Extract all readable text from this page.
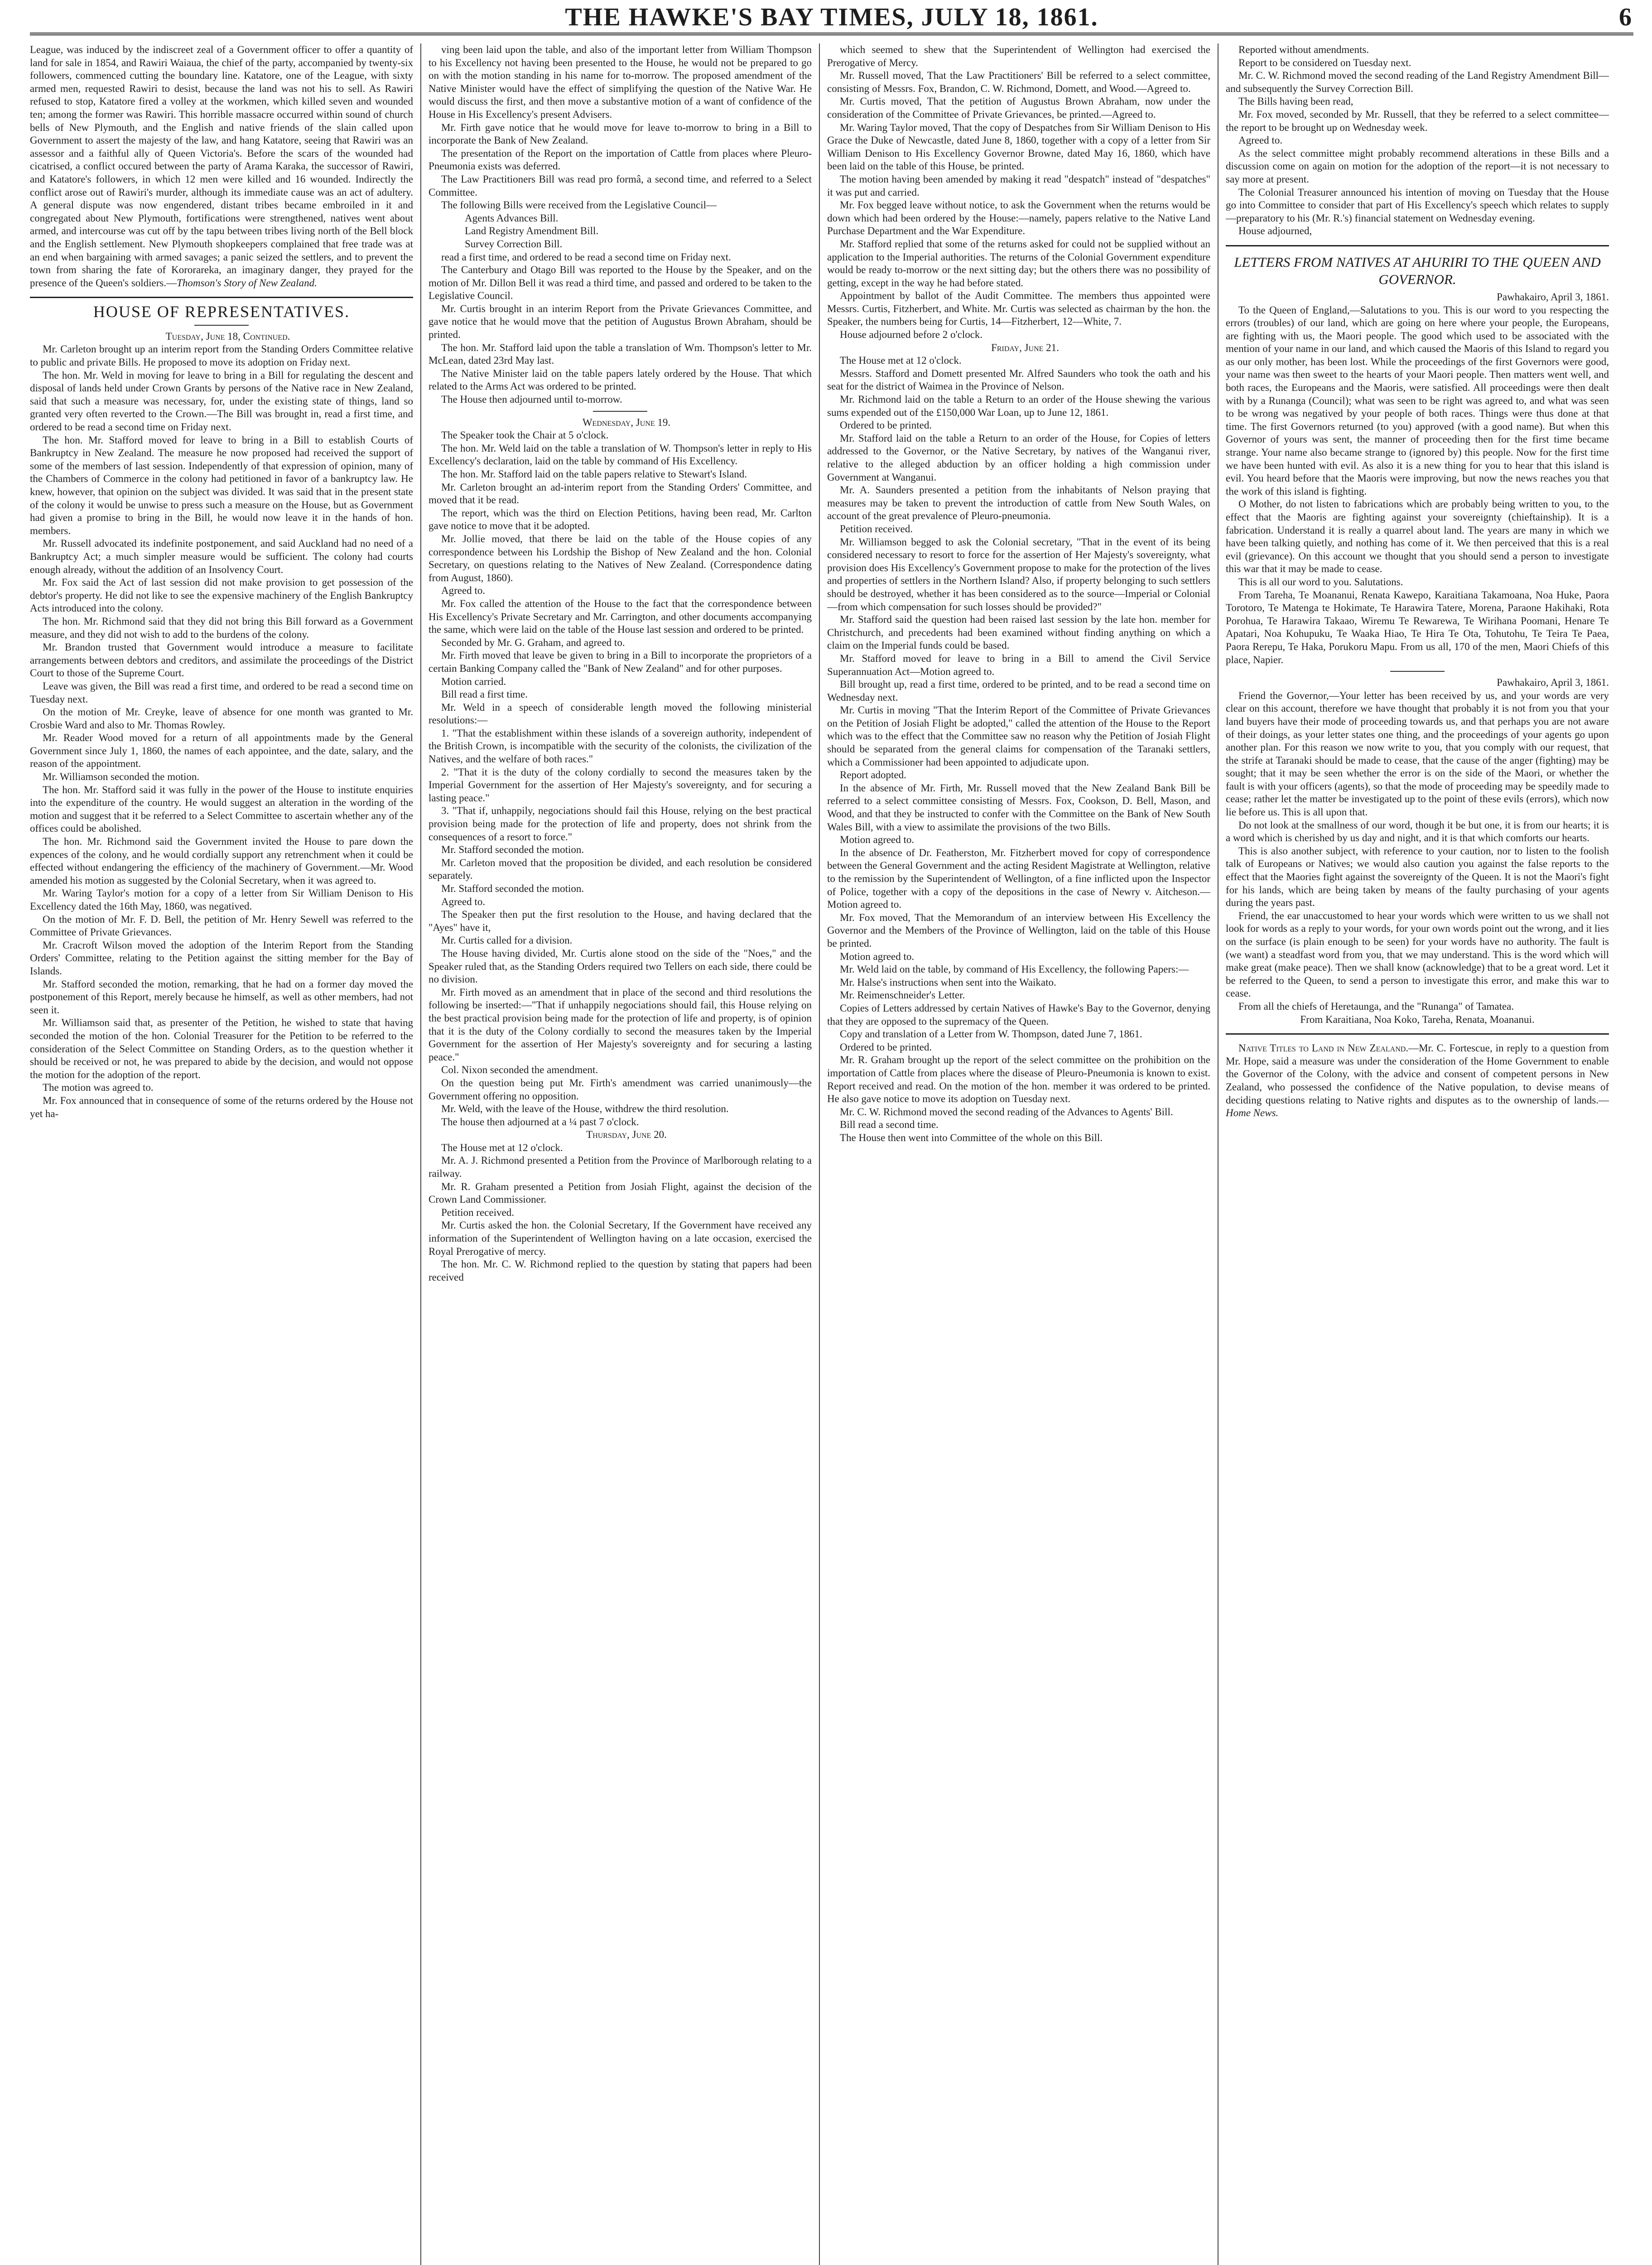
THE HAWKE'S BAY TIMES, JULY 18, 1861.	6

League, was induced by the indiscreet zeal of a Government officer to offer a quantity of land for sale in 1854, and Rawiri Waiaua, the chief of the party, accompanied by twenty-six followers, commenced cutting the boundary line. Katatore, one of the League, with sixty armed men, requested Rawiri to desist, because the land was not his to sell. As Rawiri refused to stop, Katatore fired a volley at the workmen, which killed seven and wounded ten; among the former was Rawiri. This horrible massacre occurred within sound of church bells of New Plymouth, and the English and native friends of the slain called upon Government to assert the majesty of the law, and hang Katatore, seeing that Rawiri was an assessor and a faithful ally of Queen Victoria's. Before the scars of the wounded had cicatrised, a conflict occured between the party of Arama Karaka, the successor of Rawiri, and Katatore's followers, in which 12 men were killed and 16 wounded. Indirectly the conflict arose out of Rawiri's murder, although its immediate cause was an act of adultery. A general dispute was now engendered, distant tribes became embroiled in it and congregated about New Plymouth, fortifications were strengthened, natives went about armed, and intercourse was cut off by the tapu between tribes living north of the Bell block and the English settlement. New Plymouth shopkeepers complained that free trade was at an end when bargaining with armed savages; a panic seized the settlers, and to prevent the town from sharing the fate of Kororareka, an imaginary danger, they prayed for the presence of the Queen's soldiers.—Thomson's Story of New Zealand.

HOUSE OF REPRESENTATIVES.

Tuesday, June 18, Continued.

Mr. Carleton brought up an interim report from the Standing Orders Committee relative to public and private Bills. He proposed to move its adoption on Friday next.

The hon. Mr. Weld in moving for leave to bring in a Bill for regulating the descent and disposal of lands held under Crown Grants by persons of the Native race in New Zealand, said that such a measure was necessary, for, under the existing state of things, land so granted very often reverted to the Crown.—The Bill was brought in, read a first time, and ordered to be read a second time on Friday next.

The hon. Mr. Stafford moved for leave to bring in a Bill to establish Courts of Bankruptcy in New Zealand. The measure he now proposed had received the support of some of the members of last session. Independently of that expression of opinion, many of the Chambers of Commerce in the colony had petitioned in favor of a bankruptcy law. He knew, however, that opinion on the subject was divided. It was said that in the present state of the colony it would be unwise to press such a measure on the House, but as Government had given a promise to bring in the Bill, he would now leave it in the hands of hon. members.

Mr. Russell advocated its indefinite postponement, and said Auckland had no need of a Bankruptcy Act; a much simpler measure would be sufficient. The colony had courts enough already, without the addition of an Insolvency Court.

Mr. Fox said the Act of last session did not make provision to get possession of the debtor's property. He did not like to see the expensive machinery of the English Bankruptcy Acts introduced into the colony.

The hon. Mr. Richmond said that they did not bring this Bill forward as a Government measure, and they did not wish to add to the burdens of the colony.

Mr. Brandon trusted that Government would introduce a measure to facilitate arrangements between debtors and creditors, and assimilate the proceedings of the District Court to those of the Supreme Court.

Leave was given, the Bill was read a first time, and ordered to be read a second time on Tuesday next.

On the motion of Mr. Creyke, leave of absence for one month was granted to Mr. Crosbie Ward and also to Mr. Thomas Rowley.

Mr. Reader Wood moved for a return of all appointments made by the General Government since July 1, 1860, the names of each appointee, and the date, salary, and the reason of the appointment.

Mr. Williamson seconded the motion.

The hon. Mr. Stafford said it was fully in the power of the House to institute enquiries into the expenditure of the country. He would suggest an alteration in the wording of the motion and suggest that it be referred to a Select Committee to ascertain whether any of the offices could be abolished.

The hon. Mr. Richmond said the Government invited the House to pare down the expences of the colony, and he would cordially support any retrenchment when it could be effected without endangering the efficiency of the machinery of Government.—Mr. Wood amended his motion as suggested by the Colonial Secretary, when it was agreed to.

Mr. Waring Taylor's motion for a copy of a letter from Sir William Denison to His Excellency dated the 16th May, 1860, was negatived.

On the motion of Mr. F. D. Bell, the petition of Mr. Henry Sewell was referred to the Committee of Private Grievances.

Mr. Cracroft Wilson moved the adoption of the Interim Report from the Standing Orders' Committee, relating to the Petition against the sitting member for the Bay of Islands.

Mr. Stafford seconded the motion, remarking, that he had on a former day moved the postponement of this Report, merely because he himself, as well as other members, had not seen it.

Mr. Williamson said that, as presenter of the Petition, he wished to state that having seconded the motion of the hon. Colonial Treasurer for the Petition to be referred to the consideration of the Select Committee on Standing Orders, as to the question whether it should be received or not, he was prepared to abide by the decision, and would not oppose the motion for the adoption of the report.

The motion was agreed to.

Mr. Fox announced that in consequence of some of the returns ordered by the House not yet ha-

ving been laid upon the table, and also of the important letter from William Thompson to his Excellency not having been presented to the House, he would not be prepared to go on with the motion standing in his name for to-morrow. The proposed amendment of the Native Minister would have the effect of simplifying the question of the Native War. He would discuss the first, and then move a substantive motion of a want of confidence of the House in His Excellency's present Advisers.

Mr. Firth gave notice that he would move for leave to-morrow to bring in a Bill to incorporate the Bank of New Zealand.

The presentation of the Report on the importation of Cattle from places where Pleuro-Pneumonia exists was deferred.

The Law Practitioners Bill was read pro formâ, a second time, and referred to a Select Committee.

The following Bills were received from the Legislative Council—

Agents Advances Bill.

Land Registry Amendment Bill.

Survey Correction Bill.

read a first time, and ordered to be read a second time on Friday next.

The Canterbury and Otago Bill was reported to the House by the Speaker, and on the motion of Mr. Dillon Bell it was read a third time, and passed and ordered to be taken to the Legislative Council.

Mr. Curtis brought in an interim Report from the Private Grievances Committee, and gave notice that he would move that the petition of Augustus Brown Abraham, should be printed.

The hon. Mr. Stafford laid upon the table a translation of Wm. Thompson's letter to Mr. McLean, dated 23rd May last.

The Native Minister laid on the table papers lately ordered by the House. That which related to the Arms Act was ordered to be printed.

The House then adjourned until to-morrow.

Wednesday, June 19.

The Speaker took the Chair at 5 o'clock.

The hon. Mr. Weld laid on the table a translation of W. Thompson's letter in reply to His Excellency's declaration, laid on the table by command of His Excellency.

The hon. Mr. Stafford laid on the table papers relative to Stewart's Island.

Mr. Carleton brought an ad-interim report from the Standing Orders' Committee, and moved that it be read.

The report, which was the third on Election Petitions, having been read, Mr. Carlton gave notice to move that it be adopted.

Mr. Jollie moved, that there be laid on the table of the House copies of any correspondence between his Lordship the Bishop of New Zealand and the hon. Colonial Secretary, on questions relating to the Natives of New Zealand. (Correspondence dating from August, 1860).

Agreed to.

Mr. Fox called the attention of the House to the fact that the correspondence between His Excellency's Private Secretary and Mr. Carrington, and other documents accompanying the same, which were laid on the table of the House last session and ordered to be printed.

Seconded by Mr. G. Graham, and agreed to.

Mr. Firth moved that leave be given to bring in a Bill to incorporate the proprietors of a certain Banking Company called the "Bank of New Zealand" and for other purposes.

Motion carried.

Bill read a first time.

Mr. Weld in a speech of considerable length moved the following ministerial resolutions:—

1. "That the establishment within these islands of a sovereign authority, independent of the British Crown, is incompatible with the security of the colonists, the civilization of the Natives, and the welfare of both races."

2. "That it is the duty of the colony cordially to second the measures taken by the Imperial Government for the assertion of Her Majesty's sovereignty, and for securing a lasting peace."

3. "That if, unhappily, negociations should fail this House, relying on the best practical provision being made for the protection of life and property, does not shrink from the consequences of a resort to force."

Mr. Stafford seconded the motion.

Mr. Carleton moved that the proposition be divided, and each resolution be considered separately.

Mr. Stafford seconded the motion.

Agreed to.

The Speaker then put the first resolution to the House, and having declared that the "Ayes" have it,

Mr. Curtis called for a division.

The House having divided, Mr. Curtis alone stood on the side of the "Noes," and the Speaker ruled that, as the Standing Orders required two Tellers on each side, there could be no division.

Mr. Firth moved as an amendment that in place of the second and third resolutions the following be inserted:—"That if unhappily negociations should fail, this House relying on the best practical provision being made for the protection of life and property, is of opinion that it is the duty of the Colony cordially to second the measures taken by the Imperial Government for the assertion of Her Majesty's sovereignty and for securing a lasting peace."

Col. Nixon seconded the amendment.

On the question being put Mr. Firth's amendment was carried unanimously—the Government offering no opposition.

Mr. Weld, with the leave of the House, withdrew the third resolution.

The house then adjourned at a ¼ past 7 o'clock.

Thursday, June 20.

The House met at 12 o'clock.

Mr. A. J. Richmond presented a Petition from the Province of Marlborough relating to a railway.

Mr. R. Graham presented a Petition from Josiah Flight, against the decision of the Crown Land Commissioner.

Petition received.

Mr. Curtis asked the hon. the Colonial Secretary, If the Government have received any information of the Superintendent of Wellington having on a late occasion, exercised the Royal Prerogative of mercy.

The hon. Mr. C. W. Richmond replied to the question by stating that papers had been received

which seemed to shew that the Superintendent of Wellington had exercised the Prerogative of Mercy.

Mr. Russell moved, That the Law Practitioners' Bill be referred to a select committee, consisting of Messrs. Fox, Brandon, C. W. Richmond, Domett, and Wood.—Agreed to.

Mr. Curtis moved, That the petition of Augustus Brown Abraham, now under the consideration of the Committee of Private Grievances, be printed.—Agreed to.

Mr. Waring Taylor moved, That the copy of Despatches from Sir William Denison to His Grace the Duke of Newcastle, dated June 8, 1860, together with a copy of a letter from Sir William Denison to His Excellency Governor Browne, dated May 16, 1860, which have been laid on the table of this House, be printed.

The motion having been amended by making it read "despatch" instead of "despatches" it was put and carried.

Mr. Fox begged leave without notice, to ask the Government when the returns would be down which had been ordered by the House:—namely, papers relative to the Native Land Purchase Department and the War Expenditure.

Mr. Stafford replied that some of the returns asked for could not be supplied without an application to the Imperial authorities. The returns of the Colonial Government expenditure would be ready to-morrow or the next sitting day; but the others there was no possibility of getting, except in the way he had before stated.

Appointment by ballot of the Audit Committee. The members thus appointed were Messrs. Curtis, Fitzherbert, and White. Mr. Curtis was selected as chairman by the hon. the Speaker, the numbers being for Curtis, 14—Fitzherbert, 12—White, 7.

House adjourned before 2 o'clock.

Friday, June 21.

The House met at 12 o'clock.

Messrs. Stafford and Domett presented Mr. Alfred Saunders who took the oath and his seat for the district of Waimea in the Province of Nelson.

Mr. Richmond laid on the table a Return to an order of the House shewing the various sums expended out of the £150,000 War Loan, up to June 12, 1861.

Ordered to be printed.

Mr. Stafford laid on the table a Return to an order of the House, for Copies of letters addressed to the Governor, or the Native Secretary, by natives of the Wanganui river, relative to the alleged abduction by an officer holding a high commission under Government at Wanganui.

Mr. A. Saunders presented a petition from the inhabitants of Nelson praying that measures may be taken to prevent the introduction of cattle from New South Wales, on account of the great prevalence of Pleuro-pneumonia.

Petition received.

Mr. Williamson begged to ask the Colonial secretary, "That in the event of its being considered necessary to resort to force for the assertion of Her Majesty's sovereignty, what provision does His Excellency's Government propose to make for the protection of the lives and properties of settlers in the Northern Island? Also, if property belonging to such settlers should be destroyed, whether it has been considered as to the source—Imperial or Colonial—from which compensation for such losses should be provided?"

Mr. Stafford said the question had been raised last session by the late hon. member for Christchurch, and precedents had been examined without finding anything on which a claim on the Imperial funds could be based.

Mr. Stafford moved for leave to bring in a Bill to amend the Civil Service Superannuation Act—Motion agreed to.

Bill brought up, read a first time, ordered to be printed, and to be read a second time on Wednesday next.

Mr. Curtis in moving "That the Interim Report of the Committee of Private Grievances on the Petition of Josiah Flight be adopted," called the attention of the House to the Report which was to the effect that the Committee saw no reason why the Petition of Josiah Flight should be separated from the general claims for compensation of the Taranaki settlers, which a Commissioner had been appointed to adjudicate upon.

Report adopted.

In the absence of Mr. Firth, Mr. Russell moved that the New Zealand Bank Bill be referred to a select committee consisting of Messrs. Fox, Cookson, D. Bell, Mason, and Wood, and that they be instructed to confer with the Committee on the Bank of New South Wales Bill, with a view to assimilate the provisions of the two Bills.

Motion agreed to.

In the absence of Dr. Featherston, Mr. Fitzherbert moved for copy of correspondence between the General Government and the acting Resident Magistrate at Wellington, relative to the remission by the Superintendent of Wellington, of a fine inflicted upon the Inspector of Police, together with a copy of the depositions in the case of Newry v. Aitcheson.—Motion agreed to.

Mr. Fox moved, That the Memorandum of an interview between His Excellency the Governor and the Members of the Province of Wellington, laid on the table of this House be printed.

Motion agreed to.

Mr. Weld laid on the table, by command of His Excellency, the following Papers:—

Mr. Halse's instructions when sent into the Waikato.

Mr. Reimenschneider's Letter.

Copies of Letters addressed by certain Natives of Hawke's Bay to the Governor, denying that they are opposed to the supremacy of the Queen.

Copy and translation of a Letter from W. Thompson, dated June 7, 1861.

Ordered to be printed.

Mr. R. Graham brought up the report of the select committee on the prohibition on the importation of Cattle from places where the disease of Pleuro-Pneumonia is known to exist. Report received and read. On the motion of the hon. member it was ordered to be printed. He also gave notice to move its adoption on Tuesday next.

Mr. C. W. Richmond moved the second reading of the Advances to Agents' Bill.

Bill read a second time.

The House then went into Committee of the whole on this Bill.

Reported without amendments.

Report to be considered on Tuesday next.

Mr. C. W. Richmond moved the second reading of the Land Registry Amendment Bill—and subsequently the Survey Correction Bill.

The Bills having been read,

Mr. Fox moved, seconded by Mr. Russell, that they be referred to a select committee—the report to be brought up on Wednesday week.

Agreed to.

As the select committee might probably recommend alterations in these Bills and a discussion come on again on motion for the adoption of the report—it is not necessary to say more at present.

The Colonial Treasurer announced his intention of moving on Tuesday that the House go into Committee to consider that part of His Excellency's speech which relates to supply—preparatory to his (Mr. R.'s) financial statement on Wednesday evening.

House adjourned,

LETTERS FROM NATIVES AT AHURIRI TO THE QUEEN AND GOVERNOR.

Pawhakairo, April 3, 1861.

To the Queen of England,—Salutations to you. This is our word to you respecting the errors (troubles) of our land, which are going on here where your people, the Europeans, are fighting with us, the Maori people. The good which used to be associated with the mention of your name in our land, and which caused the Maoris of this Island to regard you as our only mother, has been lost. While the proceedings of the first Governors were good, your name was then sweet to the hearts of your Maori people. Then matters went well, and both races, the Europeans and the Maoris, were satisfied. All proceedings were then dealt with by a Runanga (Council); what was seen to be right was agreed to, and what was seen to be wrong was negatived by your people of both races. Things were thus done at that time. The first Governors returned (to you) approved (with a good name). But when this Governor of yours was sent, the manner of proceeding then for the first time became strange. Your name also became strange to (ignored by) this people. Now for the first time we have been hunted with evil. As also it is a new thing for you to hear that this island is evil. You heard before that the Maoris were improving, but now the news reaches you that the work of this island is fighting.

O Mother, do not listen to fabrications which are probably being written to you, to the effect that the Maoris are fighting against your sovereignty (chieftainship). It is a fabrication. Understand it is really a quarrel about land. The years are many in which we have been talking quietly, and nothing has come of it. We then perceived that this is a real evil (grievance). On this account we thought that you should send a person to investigate this war that it may be made to cease.

This is all our word to you. Salutations.

From Tareha, Te Moananui, Renata Kawepo, Karaitiana Takamoana, Noa Huke, Paora Torotoro, Te Matenga te Hokimate, Te Harawira Tatere, Morena, Paraone Hakihaki, Rota Porohua, Te Harawira Takaao, Wiremu Te Rewarewa, Te Wirihana Poomani, Henare Te Apatari, Noa Kohupuku, Te Waaka Hiao, Te Hira Te Ota, Tohutohu, Te Teira Te Paea, Paora Rerepu, Te Haka, Porukoru Mapu. From us all, 170 of the men, Maori Chiefs of this place, Napier.

Pawhakairo, April 3, 1861.

Friend the Governor,—Your letter has been received by us, and your words are very clear on this account, therefore we have thought that probably it is not from you that your land buyers have their mode of proceeding towards us, and that perhaps you are not aware of their doings, as your letter states one thing, and the proceedings of your agents go upon another plan. For this reason we now write to you, that you comply with our request, that the strife at Taranaki should be made to cease, that the cause of the anger (fighting) may be sought; that it may be seen whether the error is on the side of the Maori, or whether the fault is with your officers (agents), so that the mode of proceeding may be speedily made to cease; rather let the matter be investigated up to the point of these evils (errors), which now lie before us. This is all upon that.

Do not look at the smallness of our word, though it be but one, it is from our hearts; it is a word which is cherished by us day and night, and it is that which comforts our hearts.

This is also another subject, with reference to your caution, nor to listen to the foolish talk of Europeans or Natives; we would also caution you against the false reports to the effect that the Maories fight against the sovereignty of the Queen. It is not the Maori's fight for his lands, which are being taken by means of the faulty purchasing of your agents during the years past.

Friend, the ear unaccustomed to hear your words which were written to us we shall not look for words as a reply to your words, for your own words point out the wrong, and it lies on the surface (is plain enough to be seen) for your words have no authority. The fault is (we want) a steadfast word from you, that we may understand. This is the word which will make great (make peace). Then we shall know (acknowledge) that to be a great word. Let it be referred to the Queen, to send a person to investigate this error, and make this war to cease.

From all the chiefs of Heretaunga, and the "Runanga" of Tamatea.

From Karaitiana, Noa Koko, Tareha, Renata, Moananui.

Native Titles to Land in New Zealand.—Mr. C. Fortescue, in reply to a question from Mr. Hope, said a measure was under the consideration of the Home Government to enable the Governor of the Colony, with the advice and consent of competent persons in New Zealand, who possessed the confidence of the Native population, to devise means of deciding questions relating to Native rights and disputes as to the ownership of lands.—Home News.
